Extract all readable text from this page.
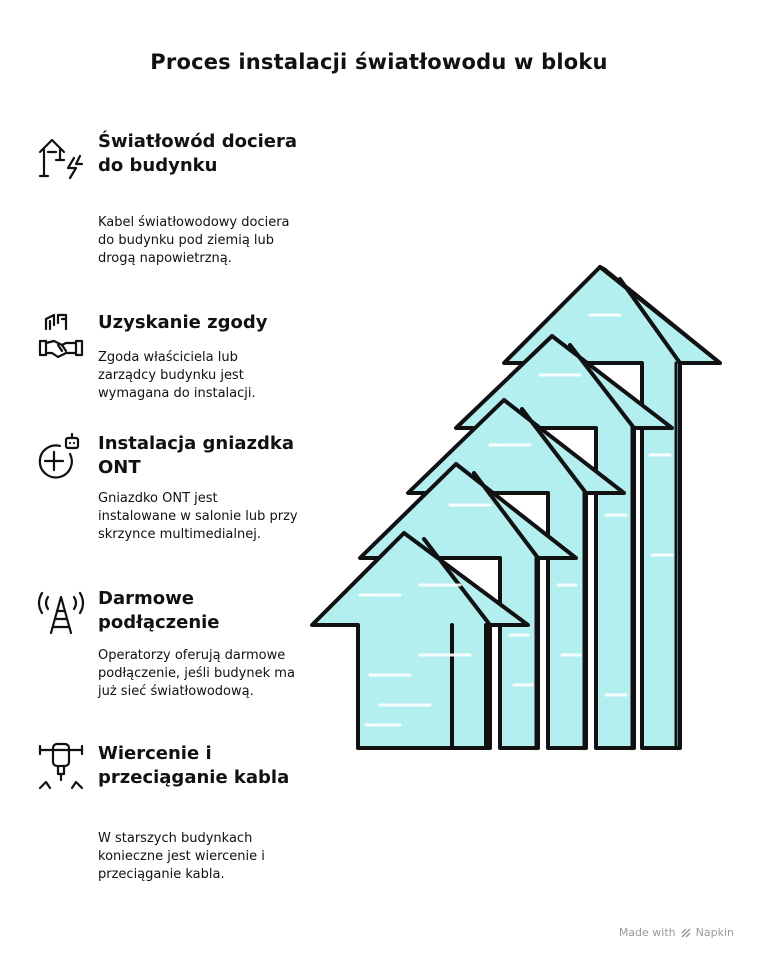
Proces instalacji światłowodu w bloku
Światłowód dociera do budynku
Kabel światłowodowy dociera do budynku pod ziemią lub drogą napowietrzną.
Uzyskanie zgody
Zgoda właściciela lub zarządcy budynku jest wymagana do instalacji.
Instalacja gniazdka ONT
Gniazdko ONT jest instalowane w salonie lub przy skrzynce multimedialnej.
Darmowe podłączenie
Operatorzy oferują darmowe podłączenie, jeśli budynek ma już sieć światłowodową.
Wiercenie i przeciąganie kabla
W starszych budynkach konieczne jest wiercenie i przeciąganie kabla.
Made with Napkin
